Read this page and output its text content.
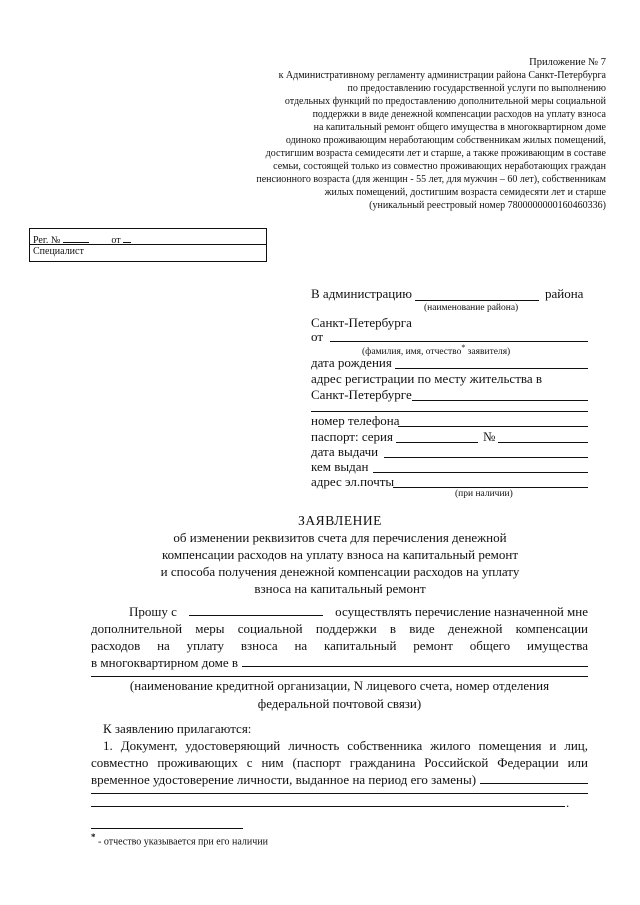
Приложение № 7
к Административному регламенту администрации района Санкт-Петербурга
по предоставлению государственной услуги по выполнению
отдельных функций по предоставлению дополнительной меры социальной
поддержки в виде денежной компенсации расходов на уплату взноса
на капитальный ремонт общего имущества в многоквартирном доме
одиноко проживающим неработающим собственникам жилых помещений,
достигшим возраста семидесяти лет и старше, а также проживающим в составе
семьи, состоящей только из совместно проживающих неработающих граждан
пенсионного возраста (для женщин - 55 лет, для мужчин – 60 лет), собственникам
жилых помещений, достигшим возраста семидесяти лет и старше
(уникальный реестровый номер 7800000000160460336)
Рег. №	от
Специалист
В администрацию	района
(наименование района)
Санкт-Петербурга
от
(фамилия, имя, отчество* заявителя)
дата рождения
адрес регистрации по месту жительства в
Санкт-Петербурге
номер телефона
паспорт: серия	№
дата выдачи
кем выдан
адрес эл.почты
(при наличии)
ЗАЯВЛЕНИЕ
об изменении реквизитов счета для перечисления денежной
компенсации расходов на уплату взноса на капитальный ремонт
и способа получения денежной компенсации расходов на уплату
взноса на капитальный ремонт
Прошу с	осуществлять перечисление назначенной мне
дополнительной меры социальной поддержки в виде денежной компенсации
расходов на уплату взноса на капитальный ремонт общего имущества
в многоквартирном доме в
(наименование кредитной организации, N лицевого счета, номер отделения
федеральной почтовой связи)
К заявлению прилагаются:
1. Документ, удостоверяющий личность собственника жилого помещения и лиц,
совместно проживающих с ним (паспорт гражданина Российской Федерации или
временное удостоверение личности, выданное на период его замены)
.
* - отчество указывается при его наличии
